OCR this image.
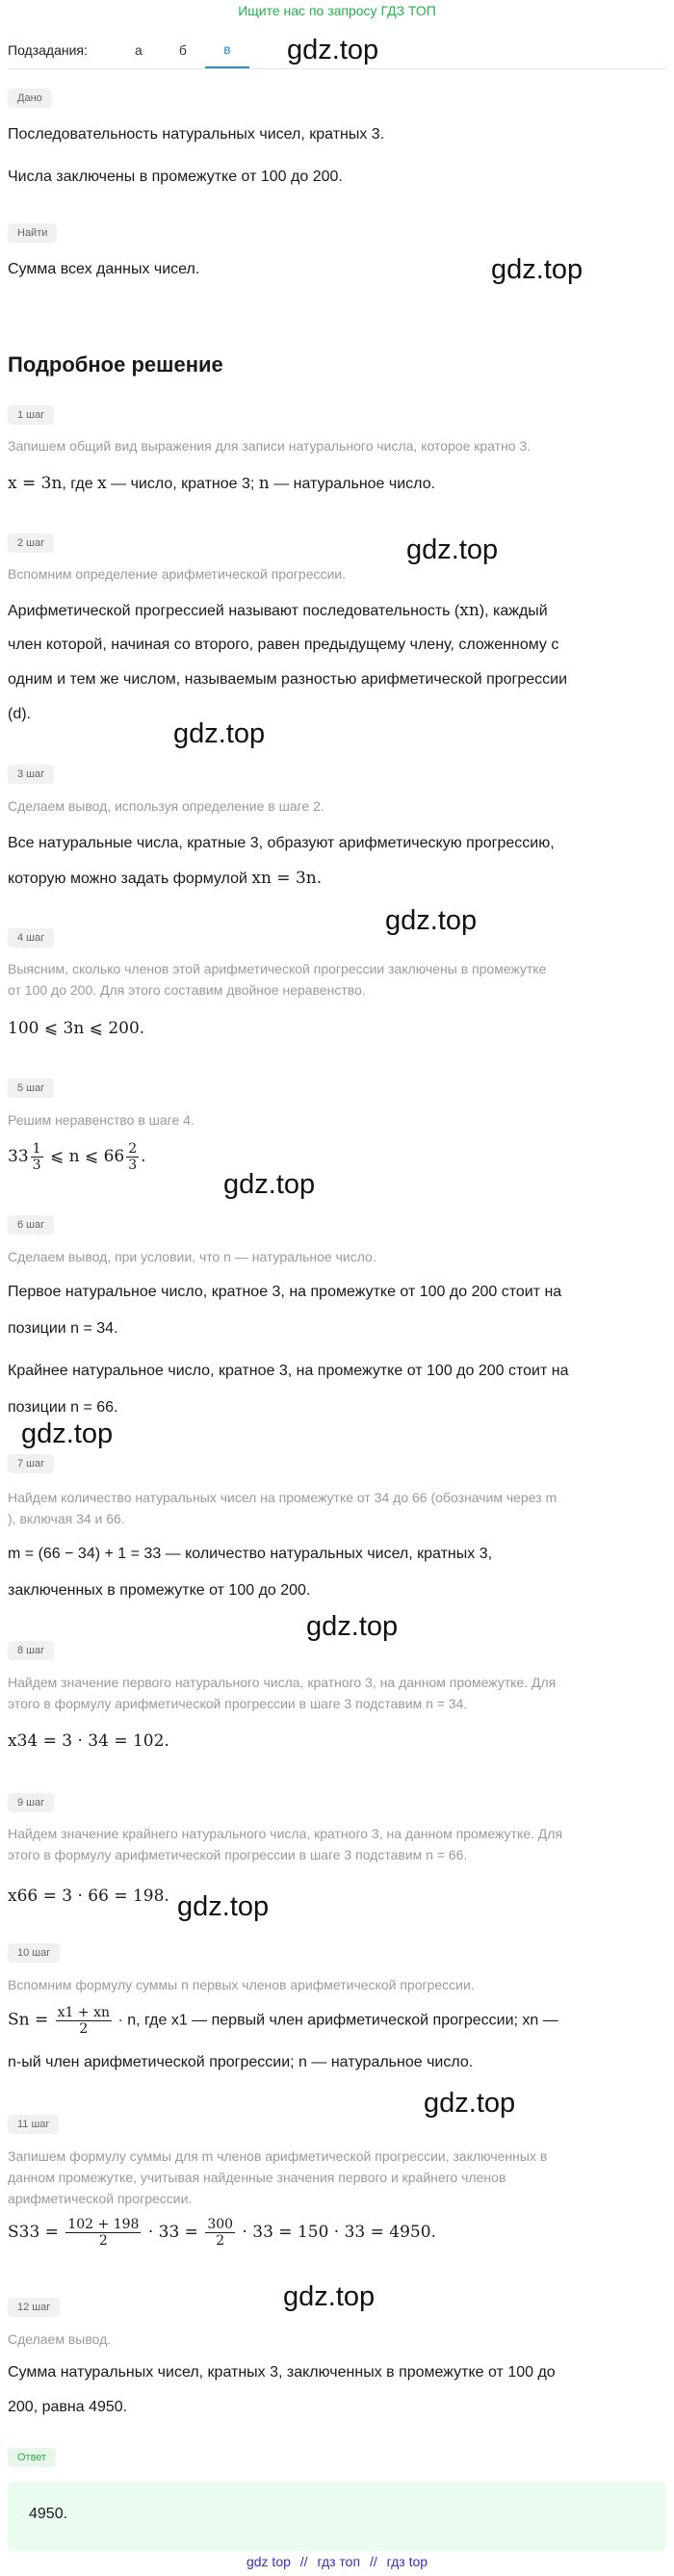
Ищите нас по запросу ГДЗ ТОП
Подзадания:	а	б	в	gdz.top
gdz.top
gdz.top
gdz.top
gdz.top
gdz.top
gdz.top
gdz.top
gdz.top
gdz.top
gdz.top
Дано
Последовательность натуральных чисел, кратных 3.
Числа заключены в промежутке от 100 до 200.
Найти
Сумма всех данных чисел.
Подробное решение
1 шаг
Запишем общий вид выражения для записи натурального числа, которое кратно 3.
x = 3n, где x — число, кратное 3; n — натуральное число.
2 шаг
Вспомним определение арифметической прогрессии.
Арифметической прогрессией называют последовательность (xn), каждый
член которой, начиная со второго, равен предыдущему члену, сложенному с
одним и тем же числом, называемым разностью арифметической прогрессии
(d).
3 шаг
Сделаем вывод, используя определение в шаге 2.
Все натуральные числа, кратные 3, образуют арифметическую прогрессию,
которую можно задать формулой xn = 3n.
4 шаг
Выясним, сколько членов этой арифметической прогрессии заключены в промежутке
от 100 до 200. Для этого составим двойное неравенство.
100 ⩽ 3n ⩽ 200.
5 шаг
Решим неравенство в шаге 4.
$33 \frac{1}{3}$ ⩽ n ⩽ $66 \frac{2}{3}$ .
6 шаг
Сделаем вывод, при условии, что n — натуральное число.
Первое натуральное число, кратное 3, на промежутке от 100 до 200 стоит на
позиции n = 34.
Крайнее натуральное число, кратное 3, на промежутке от 100 до 200 стоит на
позиции n = 66.
7 шаг
Найдем количество натуральных чисел на промежутке от 34 до 66 (обозначим через m
), включая 34 и 66.
m = (66 − 34) + 1 = 33 — количество натуральных чисел, кратных 3,
заключенных в промежутке от 100 до 200.
8 шаг
Найдем значение первого натурального числа, кратного 3, на данном промежутке. Для
этого в формулу арифметической прогрессии в шаге 3 подставим n = 34.
x34 = 3 · 34 = 102.
9 шаг
Найдем значение крайнего натурального числа, кратного 3, на данном промежутке. Для
этого в формулу арифметической прогрессии в шаге 3 подставим n = 66.
x66 = 3 · 66 = 198.
10 шаг
Вспомним формулу суммы n первых членов арифметической прогрессии.
$Sn = \frac{x1 + xn}{2} \cdot n$, где x1 — первый член арифметической прогрессии; xn —
n-ый член арифметической прогрессии; n — натуральное число.
11 шаг
Запишем формулу суммы для m членов арифметической прогрессии, заключенных в
данном промежутке, учитывая найденные значения первого и крайнего членов
арифметической прогрессии.
$S33 = \frac{102 + 198}{2} \cdot 33 = \frac{300}{2} \cdot 33 = 150 \cdot 33 = 4950$.
12 шаг
Сделаем вывод.
Сумма натуральных чисел, кратных 3, заключенных в промежутке от 100 до
200, равна 4950.
Ответ
4950.
gdz top // гдз топ // гдз top
